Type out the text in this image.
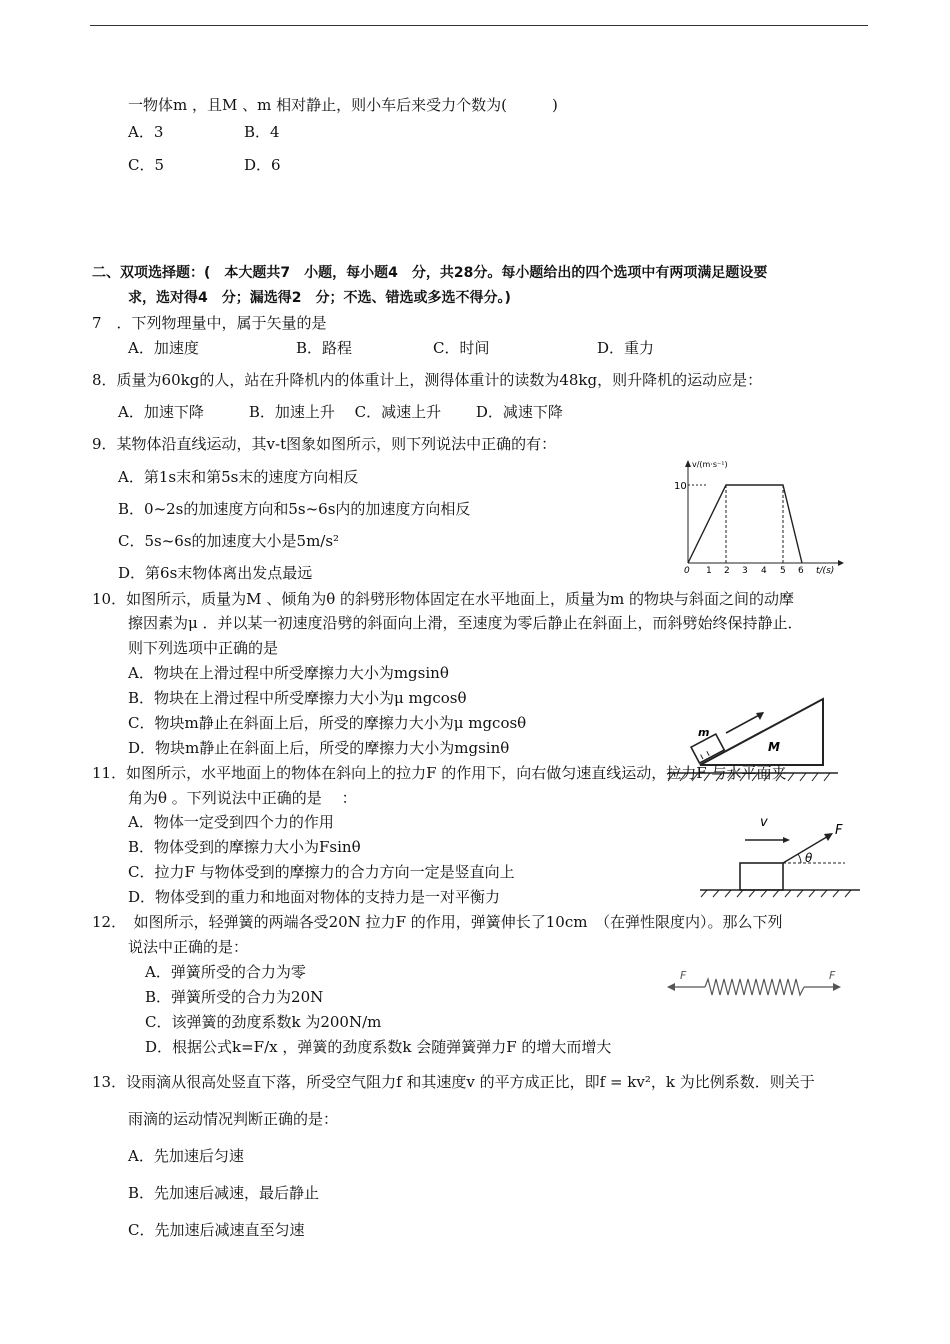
一物体m ，且M 、m 相对静止，则小车后来受力个数为(　　　)
A．3	B．4
C．5	D．6
二、双项选择题：(　本大题共7　小题，每小题4　分，共28分。每小题给出的四个选项中有两项满足题设要
求，选对得4　分；漏选得2　分；不选、错选或多选不得分。)
7　．下列物理量中，属于矢量的是
A．加速度	B．路程	C．时间	D．重力
8．质量为60kg的人，站在升降机内的体重计上，测得体重计的读数为48kg，则升降机的运动应是：
A．加速下降　　　B．加速上升　 C．减速上升　　 D．减速下降
9．某物体沿直线运动，其v-t图象如图所示，则下列说法中正确的有：
A．第1s末和第5s末的速度方向相反
B．0~2s的加速度方向和5s~6s内的加速度方向相反
C．5s~6s的加速度大小是5m/s²
D．第6s末物体离出发点最远
v/(m·s⁻¹)
t/(s)
10
0 1 2 3 4 5 6
10．如图所示，质量为M 、倾角为θ 的斜劈形物体固定在水平地面上，质量为m 的物块与斜面之间的动摩
擦因素为μ ．并以某一初速度沿劈的斜面向上滑，至速度为零后静止在斜面上，而斜劈始终保持静止．
则下列选项中正确的是
A．物块在上滑过程中所受摩擦力大小为mgsinθ
B．物块在上滑过程中所受摩擦力大小为μ mgcosθ
C．物块m静止在斜面上后，所受的摩擦力大小为μ mgcosθ
D．物块m静止在斜面上后，所受的摩擦力大小为mgsinθ
m
M
11．如图所示，水平地面上的物体在斜向上的拉力F 的作用下，向右做匀速直线运动，拉力F 与水平面夹
角为θ 。下列说法中正确的是　 ：
A．物体一定受到四个力的作用
B．物体受到的摩擦力大小为Fsinθ
C．拉力F 与物体受到的摩擦力的合力方向一定是竖直向上
D．物体受到的重力和地面对物体的支持力是一对平衡力
v
F
θ
12．　如图所示，轻弹簧的两端各受20N 拉力F 的作用，弹簧伸长了10cm　（在弹性限度内）。那么下列
说法中正确的是：
A．弹簧所受的合力为零
B．弹簧所受的合力为20N
C．该弹簧的劲度系数k 为200N/m
D．根据公式k=F/x ，弹簧的劲度系数k 会随弹簧弹力F 的增大而增大
F	F
13．设雨滴从很高处竖直下落，所受空气阻力f 和其速度v 的平方成正比，即f = kv²，k 为比例系数．则关于
雨滴的运动情况判断正确的是：
A．先加速后匀速
B．先加速后减速，最后静止
C．先加速后减速直至匀速
